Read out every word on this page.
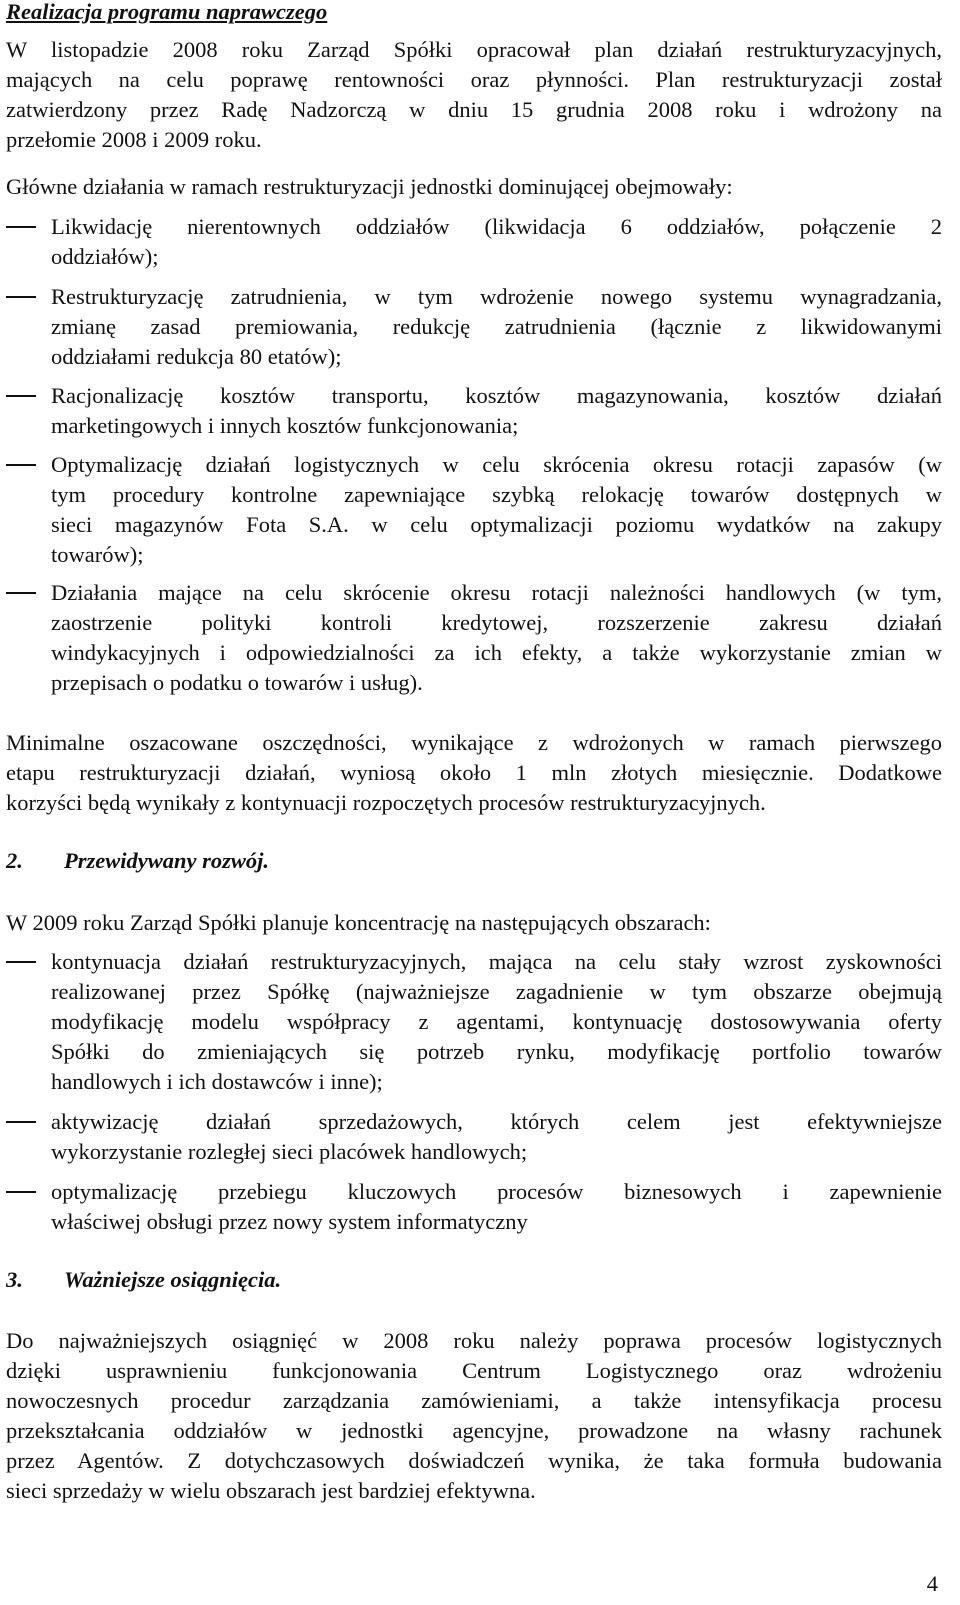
Realizacja programu naprawczego
W listopadzie 2008 roku Zarząd Spółki opracował plan działań restrukturyzacyjnych,
mających na celu poprawę rentowności oraz płynności. Plan restrukturyzacji został
zatwierdzony przez Radę Nadzorczą w dniu 15 grudnia 2008 roku i wdrożony na
przełomie 2008 i 2009 roku.
Główne działania w ramach restrukturyzacji jednostki dominującej obejmowały:
Likwidację nierentownych oddziałów (likwidacja 6 oddziałów, połączenie 2
oddziałów);
Restrukturyzację zatrudnienia, w tym wdrożenie nowego systemu wynagradzania,
zmianę zasad premiowania, redukcję zatrudnienia (łącznie z likwidowanymi
oddziałami redukcja 80 etatów);
Racjonalizację kosztów transportu, kosztów magazynowania, kosztów działań
marketingowych i innych kosztów funkcjonowania;
Optymalizację działań logistycznych w celu skrócenia okresu rotacji zapasów (w
tym procedury kontrolne zapewniające szybką relokację towarów dostępnych w
sieci magazynów Fota S.A. w celu optymalizacji poziomu wydatków na zakupy
towarów);
Działania mające na celu skrócenie okresu rotacji należności handlowych (w tym,
zaostrzenie polityki kontroli kredytowej, rozszerzenie zakresu działań
windykacyjnych i odpowiedzialności za ich efekty, a także wykorzystanie zmian w
przepisach o podatku o towarów i usług).
Minimalne oszacowane oszczędności, wynikające z wdrożonych w ramach pierwszego
etapu restrukturyzacji działań, wyniosą około 1 mln złotych miesięcznie. Dodatkowe
korzyści będą wynikały z kontynuacji rozpoczętych procesów restrukturyzacyjnych.
2. Przewidywany rozwój.
W 2009 roku Zarząd Spółki planuje koncentrację na następujących obszarach:
kontynuacja działań restrukturyzacyjnych, mająca na celu stały wzrost zyskowności
realizowanej przez Spółkę (najważniejsze zagadnienie w tym obszarze obejmują
modyfikację modelu współpracy z agentami, kontynuację dostosowywania oferty
Spółki do zmieniających się potrzeb rynku, modyfikację portfolio towarów
handlowych i ich dostawców i inne);
aktywizację działań sprzedażowych, których celem jest efektywniejsze
wykorzystanie rozległej sieci placówek handlowych;
optymalizację przebiegu kluczowych procesów biznesowych i zapewnienie
właściwej obsługi przez nowy system informatyczny
3. Ważniejsze osiągnięcia.
Do najważniejszych osiągnięć w 2008 roku należy poprawa procesów logistycznych
dzięki usprawnieniu funkcjonowania Centrum Logistycznego oraz wdrożeniu
nowoczesnych procedur zarządzania zamówieniami, a także intensyfikacja procesu
przekształcania oddziałów w jednostki agencyjne, prowadzone na własny rachunek
przez Agentów. Z dotychczasowych doświadczeń wynika, że taka formuła budowania
sieci sprzedaży w wielu obszarach jest bardziej efektywna.
4
